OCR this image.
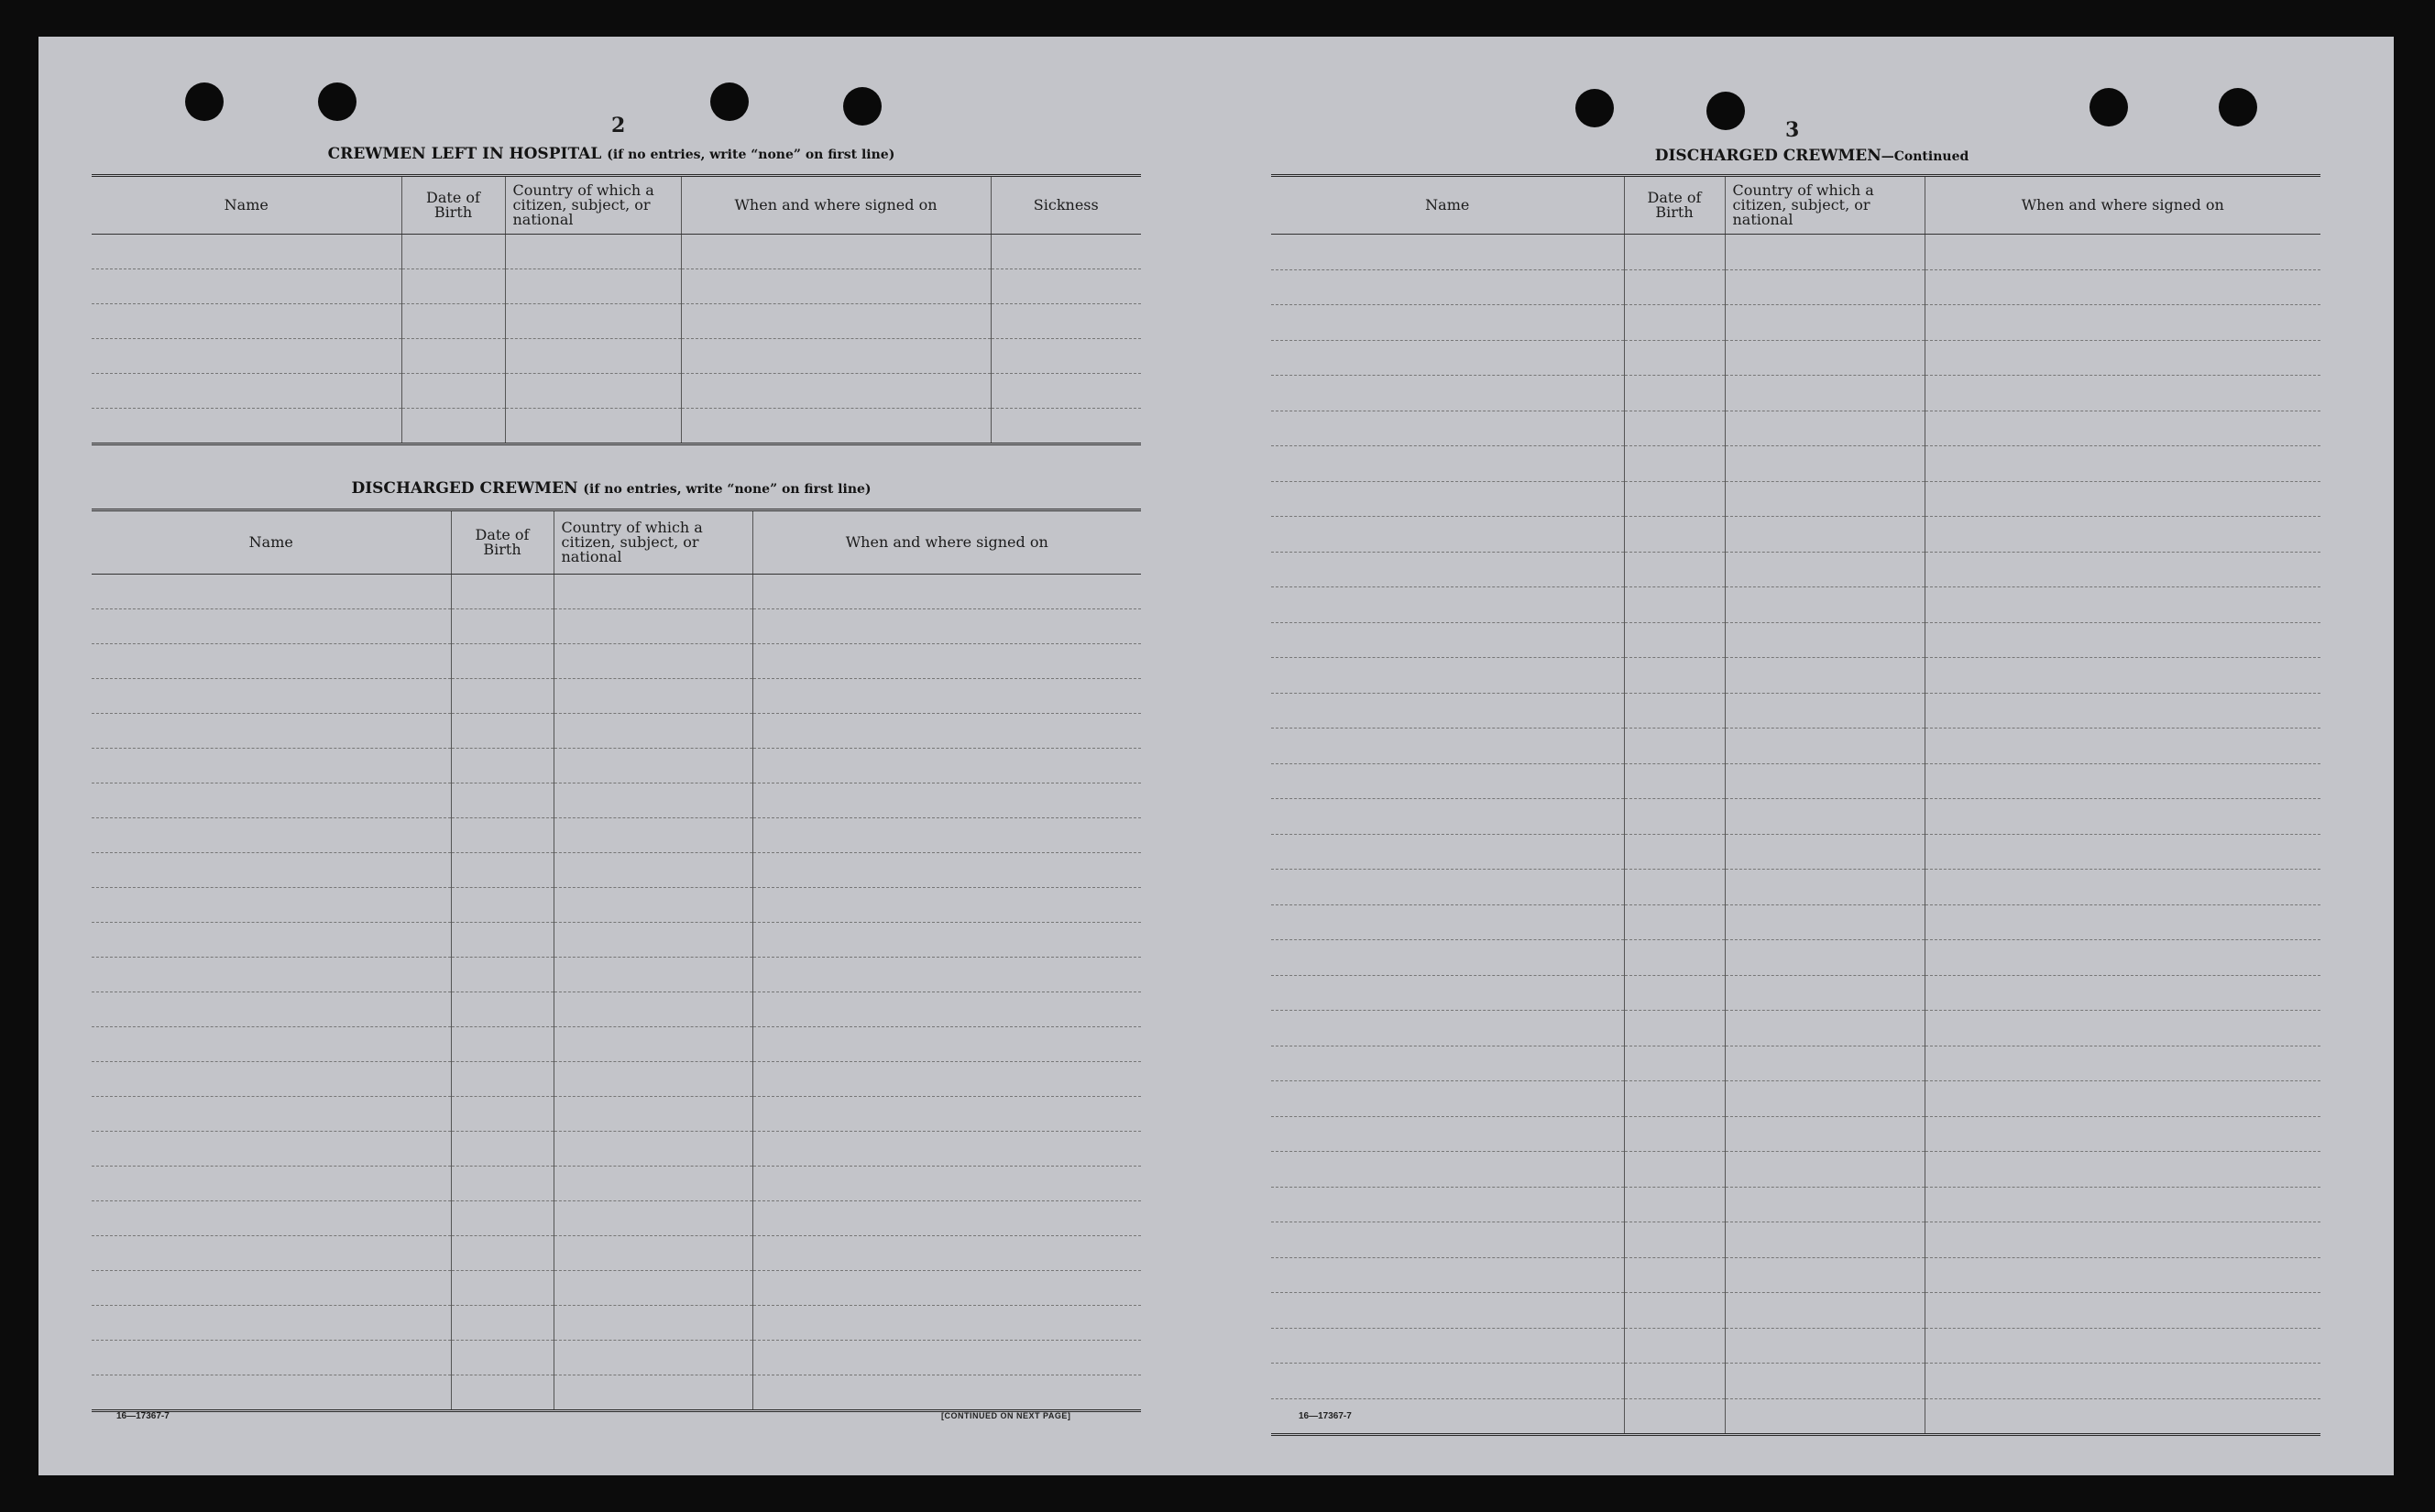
2
CREWMEN LEFT IN HOSPITAL (if no entries, write “none” on first line)
Name	Date of Birth	Country of which a citizen, subject, or national	When and where signed on	Sickness

DISCHARGED CREWMEN (if no entries, write “none” on first line)
Name	Date of Birth	Country of which a citizen, subject, or national	When and where signed on

16—17367-7	[CONTINUED ON NEXT PAGE]
3
DISCHARGED CREWMEN—Continued
Name	Date of Birth	Country of which a citizen, subject, or national	When and where signed on

16—17367-7
